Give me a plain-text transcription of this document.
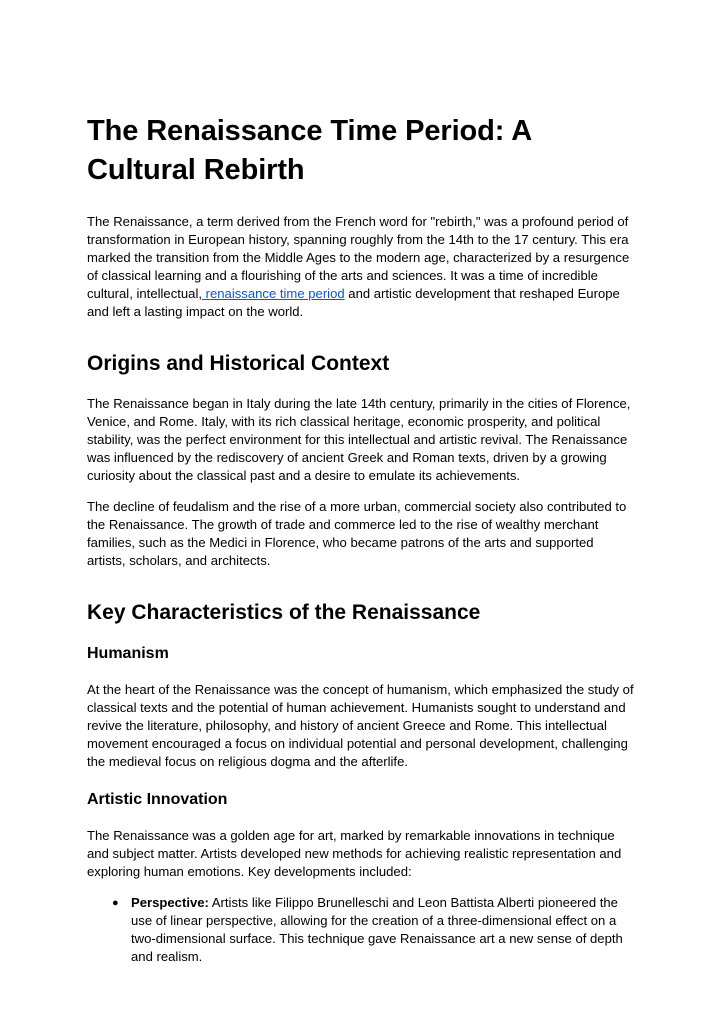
The Renaissance Time Period: A Cultural Rebirth

The Renaissance, a term derived from the French word for "rebirth," was a profound period of transformation in European history, spanning roughly from the 14th to the 17 century. This era marked the transition from the Middle Ages to the modern age, characterized by a resurgence of classical learning and a flourishing of the arts and sciences. It was a time of incredible cultural, intellectual, renaissance time period and artistic development that reshaped Europe and left a lasting impact on the world.

Origins and Historical Context

The Renaissance began in Italy during the late 14th century, primarily in the cities of Florence, Venice, and Rome. Italy, with its rich classical heritage, economic prosperity, and political stability, was the perfect environment for this intellectual and artistic revival. The Renaissance was influenced by the rediscovery of ancient Greek and Roman texts, driven by a growing curiosity about the classical past and a desire to emulate its achievements.

The decline of feudalism and the rise of a more urban, commercial society also contributed to the Renaissance. The growth of trade and commerce led to the rise of wealthy merchant families, such as the Medici in Florence, who became patrons of the arts and supported artists, scholars, and architects.

Key Characteristics of the Renaissance
Humanism

At the heart of the Renaissance was the concept of humanism, which emphasized the study of classical texts and the potential of human achievement. Humanists sought to understand and revive the literature, philosophy, and history of ancient Greece and Rome. This intellectual movement encouraged a focus on individual potential and personal development, challenging the medieval focus on religious dogma and the afterlife.

Artistic Innovation

The Renaissance was a golden age for art, marked by remarkable innovations in technique and subject matter. Artists developed new methods for achieving realistic representation and exploring human emotions. Key developments included:

● Perspective: Artists like Filippo Brunelleschi and Leon Battista Alberti pioneered the use of linear perspective, allowing for the creation of a three-dimensional effect on a two-dimensional surface. This technique gave Renaissance art a new sense of depth and realism.
